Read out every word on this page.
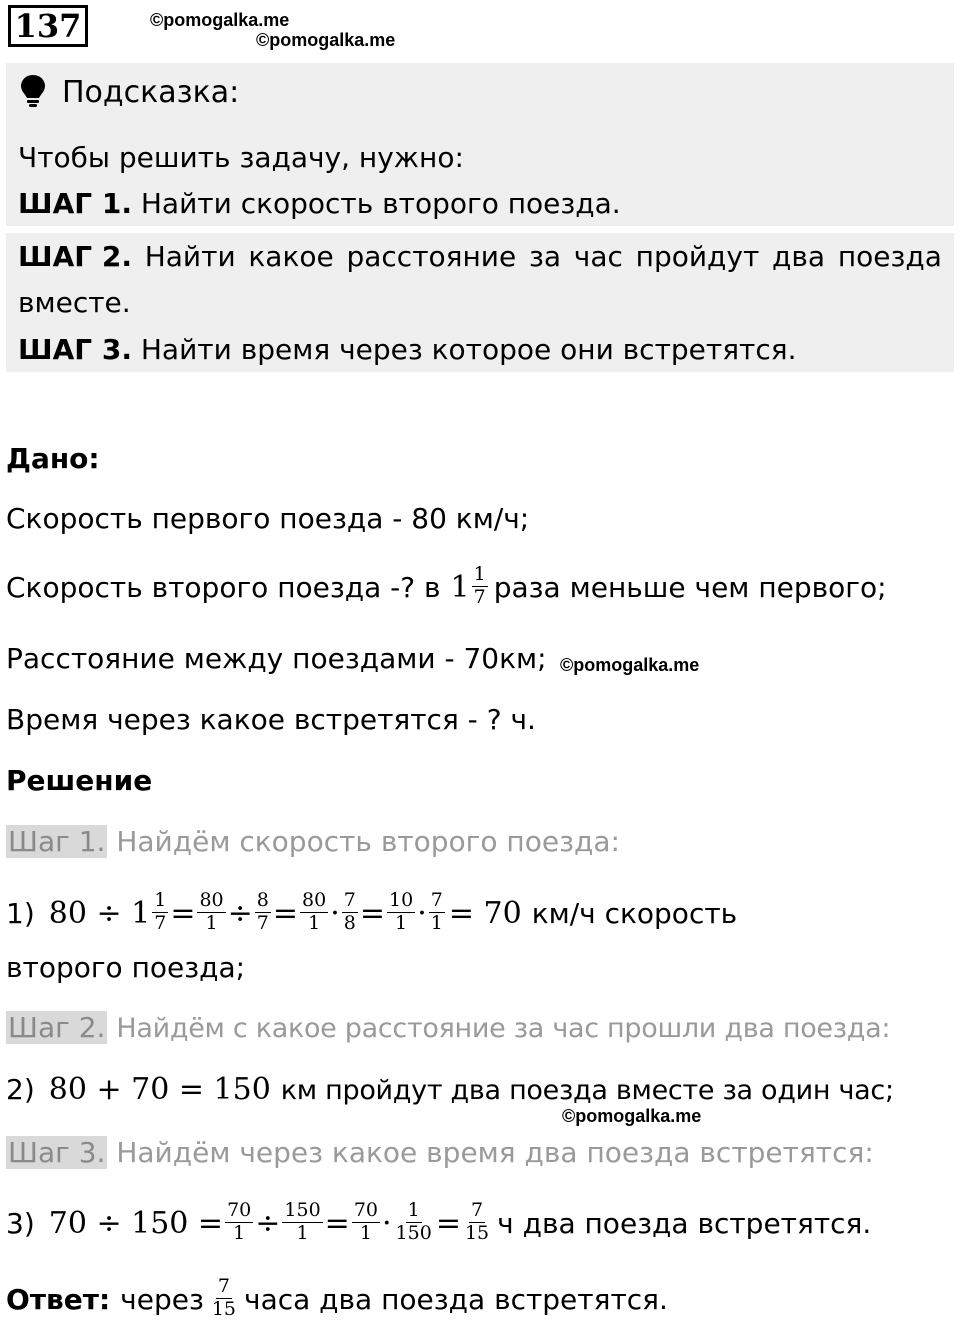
137	©pomogalka.me
©pomogalka.me
Подсказка:
Чтобы решить задачу, нужно:
ШАГ 1. Найти скорость второго поезда.
ШАГ 2. Найти какое расстояние за час пройдут два поезда
вместе.
ШАГ 3. Найти время через которое они встретятся.
Дано:
Скорость первого поезда - 80 км/ч;
Скорость второго поезда -? в $1 \frac{1}{7}$ раза меньше чем первого;
Расстояние между поездами - 70км; ©pomogalka.me
Время через какое встретятся - ? ч.
Решение
Шаг 1. Найдём скорость второго поезда:
1) $80 \div 1 \frac{1}{7} = \frac{80}{1} \div \frac{8}{7} = \frac{80}{1} \cdot \frac{7}{8} = \frac{10}{1} \cdot \frac{7}{1} = 70$ км/ч скорость
второго поезда;
Шаг 2. Найдём с какое расстояние за час прошли два поезда:
2) 80 + 70 = 150 км пройдут два поезда вместе за один час;
©pomogalka.me
Шаг 3. Найдём через какое время два поезда встретятся:
3) $70 \div 150 = \frac{70}{1} \div \frac{150}{1} = \frac{70}{1} \cdot \frac{1}{150} = \frac{7}{15}$ ч два поезда встретятся.
Ответ: через $\frac{7}{15}$ часа два поезда встретятся.
